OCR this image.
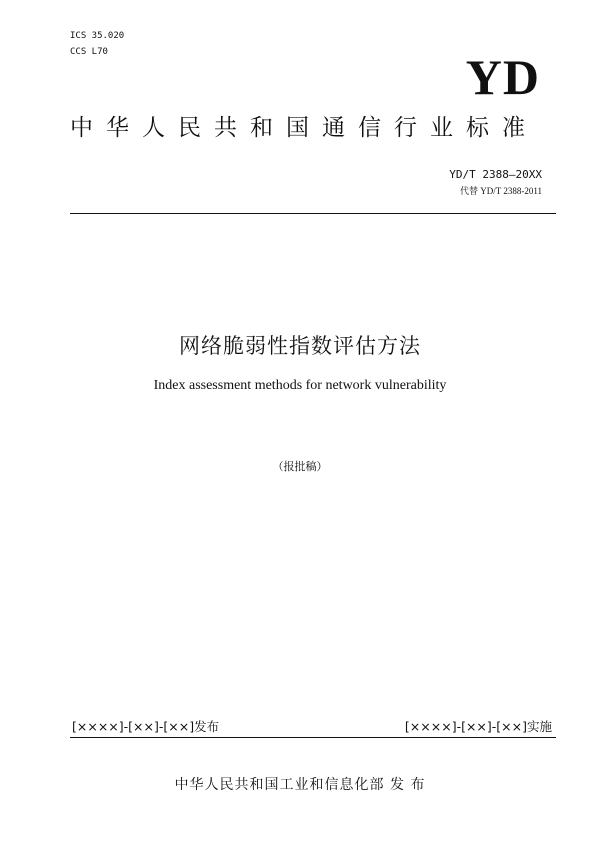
ICS 35.020
CCS L70	YD
中华人民共和国通信行业标准
YD/T 2388—20XX
代替 YD/T 2388-2011
网络脆弱性指数评估方法
Index assessment methods for network vulnerability
（报批稿）
[××××]-[××]-[××]发布	[××××]-[××]-[××]实施
中华人民共和国工业和信息化部 发 布
